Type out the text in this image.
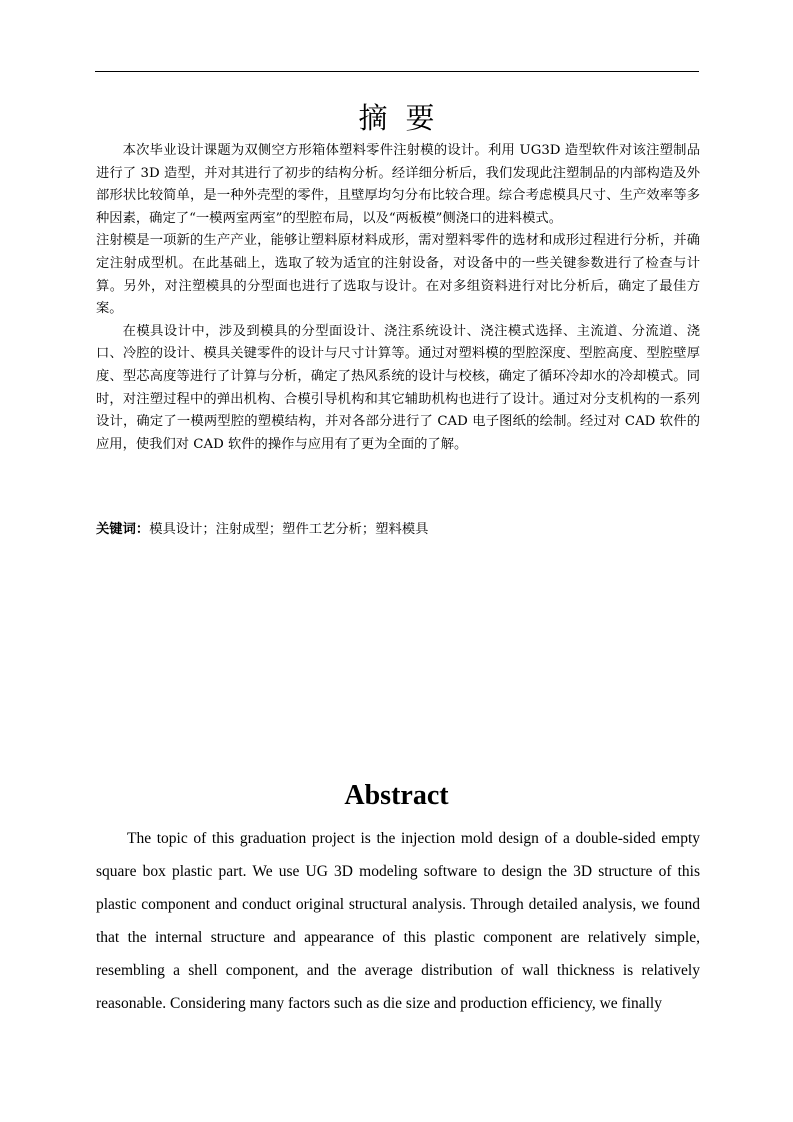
摘要

本次毕业设计课题为双侧空方形箱体塑料零件注射模的设计。利用 UG3D 造型软件对该注塑制品进行了 3D 造型，并对其进行了初步的结构分析。经详细分析后，我们发现此注塑制品的内部构造及外部形状比较简单，是一种外壳型的零件，且壁厚均匀分布比较合理。综合考虑模具尺寸、生产效率等多种因素，确定了“一模两室两室”的型腔布局，以及“两板模”侧浇口的进料模式。

注射模是一项新的生产产业，能够让塑料原材料成形，需对塑料零件的选材和成形过程进行分析，并确定注射成型机。在此基础上，选取了较为适宜的注射设备，对设备中的一些关键参数进行了检查与计算。另外，对注塑模具的分型面也进行了选取与设计。在对多组资料进行对比分析后，确定了最佳方案。

在模具设计中，涉及到模具的分型面设计、浇注系统设计、浇注模式选择、主流道、分流道、浇口、冷腔的设计、模具关键零件的设计与尺寸计算等。通过对塑料模的型腔深度、型腔高度、型腔壁厚度、型芯高度等进行了计算与分析，确定了热风系统的设计与校核，确定了循环冷却水的冷却模式。同时，对注塑过程中的弹出机构、合模引导机构和其它辅助机构也进行了设计。通过对分支机构的一系列设计，确定了一模两型腔的塑模结构，并对各部分进行了 CAD 电子图纸的绘制。经过对 CAD 软件的应用，使我们对 CAD 软件的操作与应用有了更为全面的了解。

关键词：模具设计；注射成型；塑件工艺分析；塑料模具
Abstract

The topic of this graduation project is the injection mold design of a double-sided empty square box plastic part. We use UG 3D modeling software to design the 3D structure of this plastic component and conduct original structural analysis. Through detailed analysis, we found that the internal structure and appearance of this plastic component are relatively simple, resembling a shell component, and the average distribution of wall thickness is relatively reasonable. Considering many factors such as die size and production efficiency, we finally
